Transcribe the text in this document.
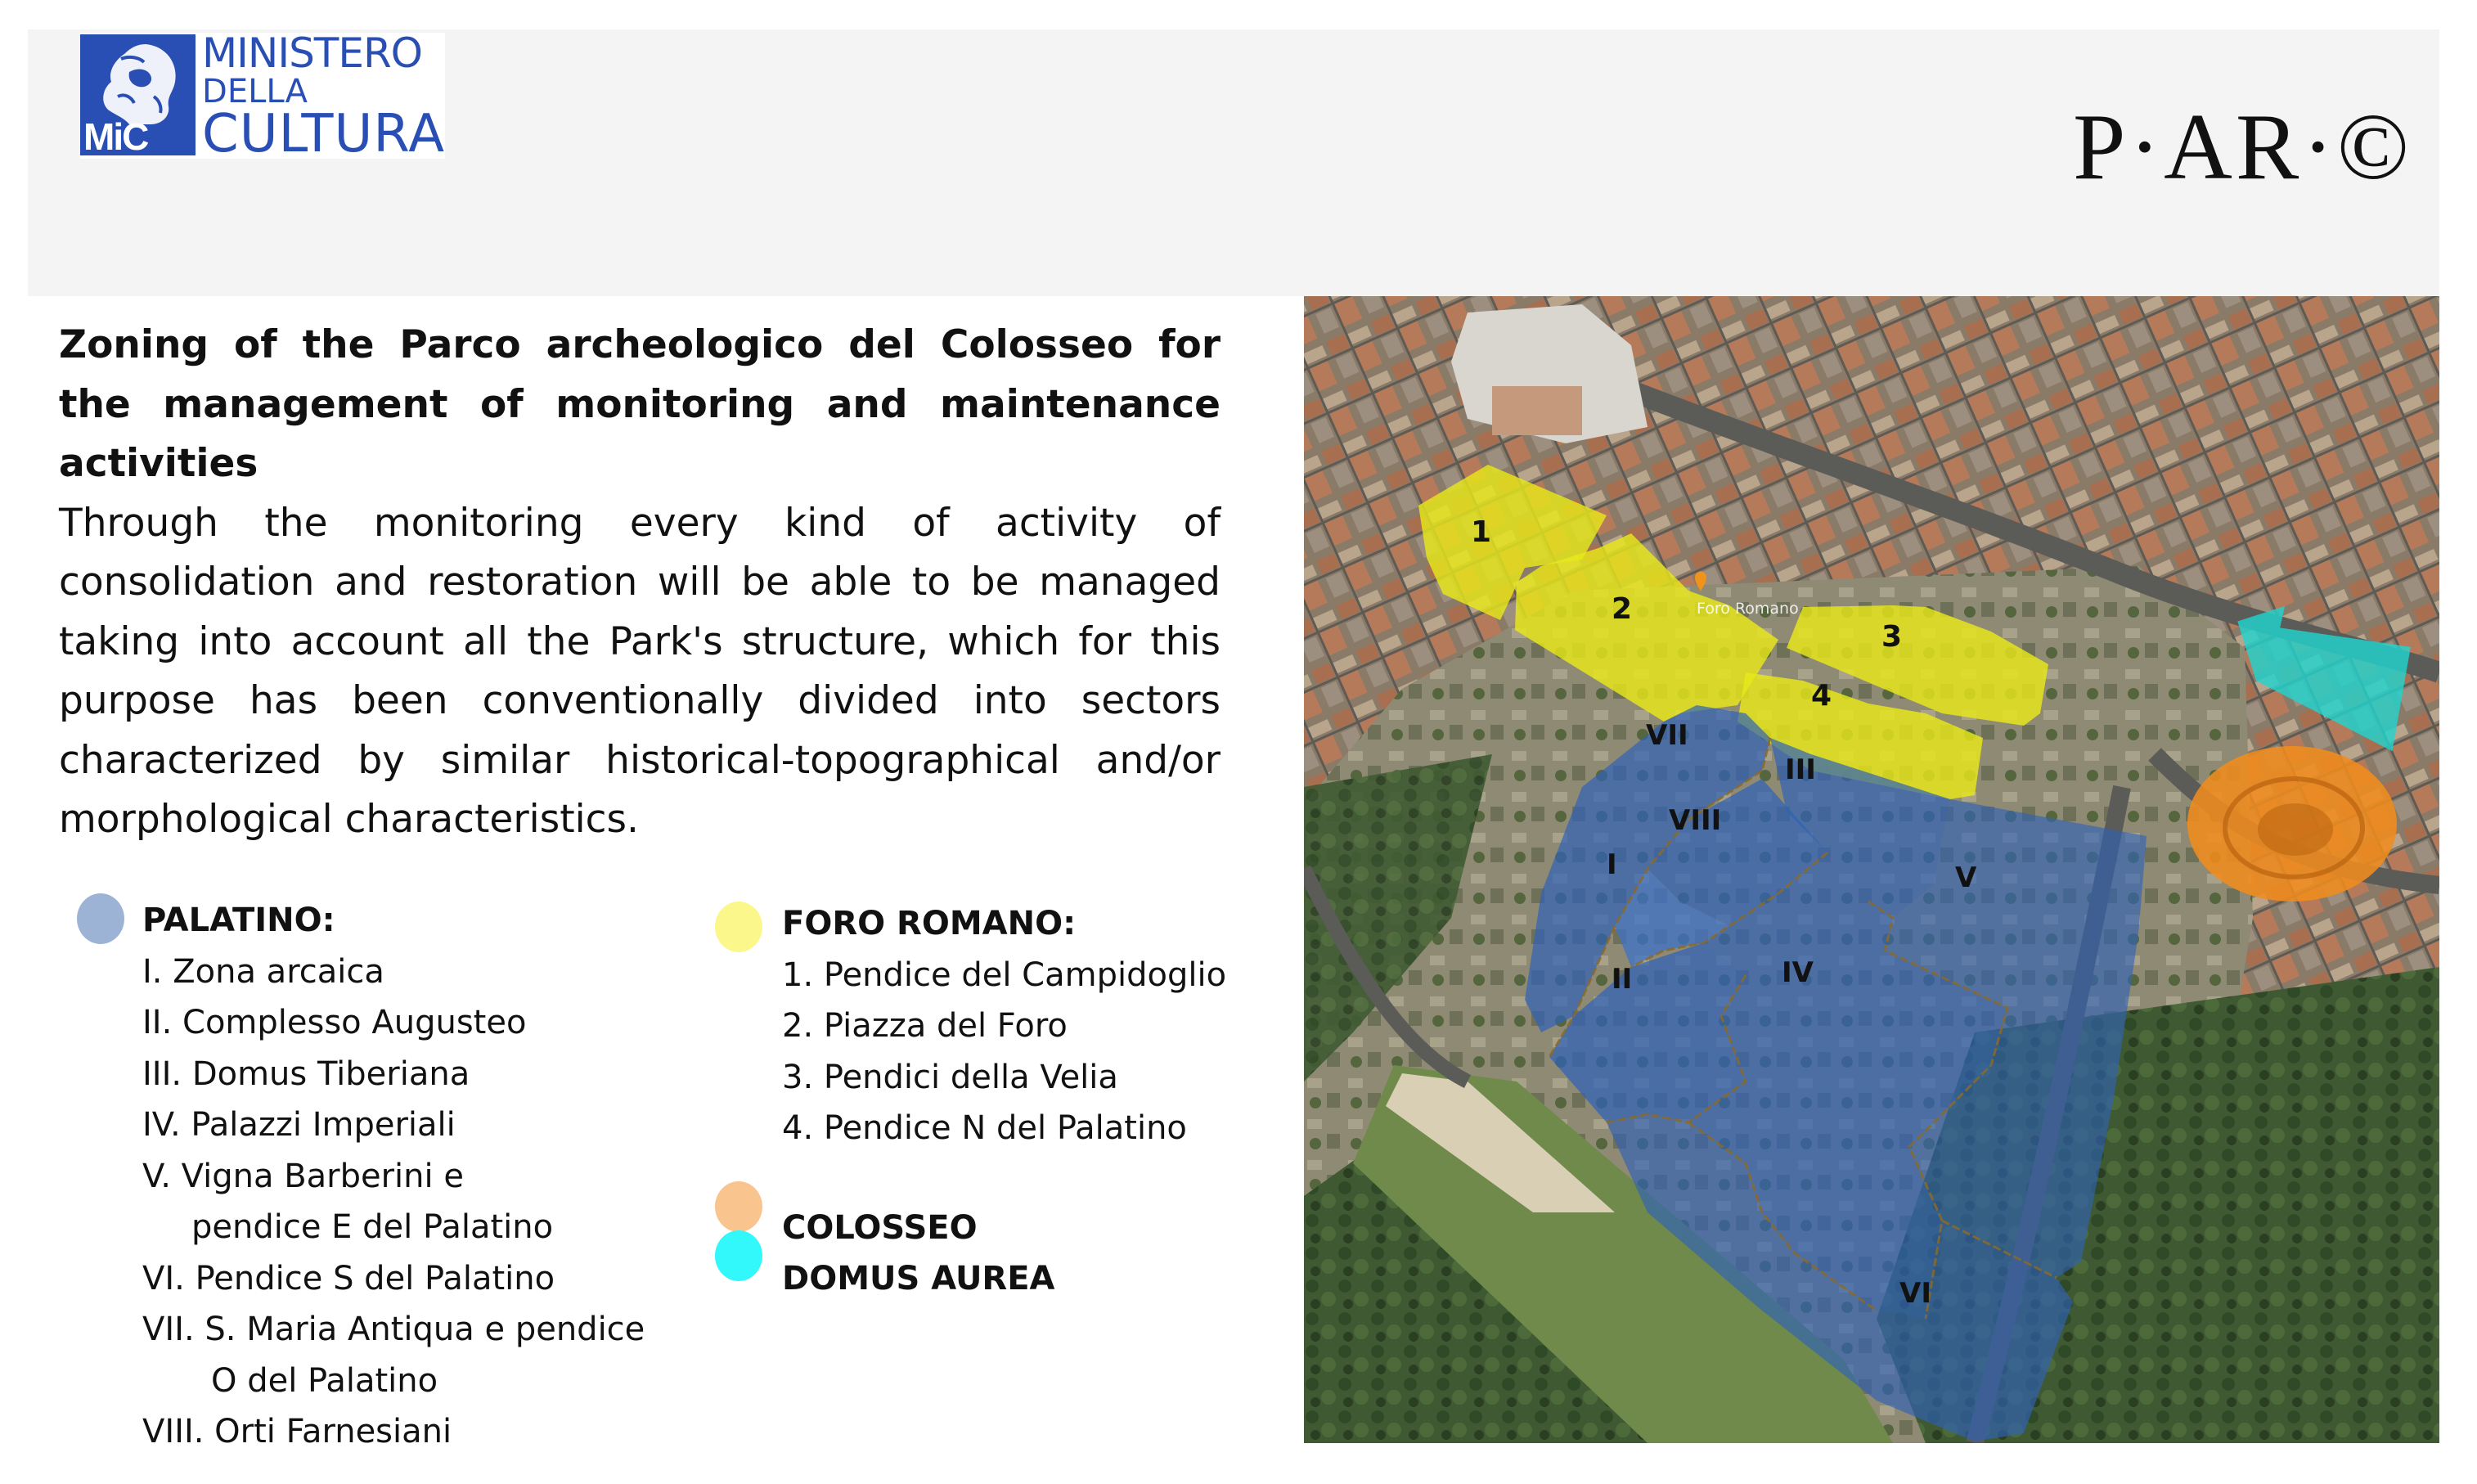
MiC
MINISTERO
DELLA
CULTURA	P·AR·©
Zoning of the Parco archeologico del Colosseo for the management of monitoring and maintenance activities
Through the monitoring every kind of activity of consolidation and restoration will be able to be managed taking into account all the Park's structure, which for this purpose has been conventionally divided into sectors characterized by similar historical-topographical and/or morphological characteristics.
PALATINO:
I. Zona arcaica
II. Complesso Augusteo
III. Domus Tiberiana
IV. Palazzi Imperiali
V. Vigna Barberini e
pendice E del Palatino
VI. Pendice S del Palatino
VII. S. Maria Antiqua e pendice
O del Palatino
VIII. Orti Farnesiani
FORO ROMANO:
1. Pendice del Campidoglio
2. Piazza del Foro
3. Pendici della Velia
4. Pendice N del Palatino
COLOSSEO
DOMUS AUREA
Foro Romano
1
2
3
4
VII
III
VIII
I	V
IV
II
VI
